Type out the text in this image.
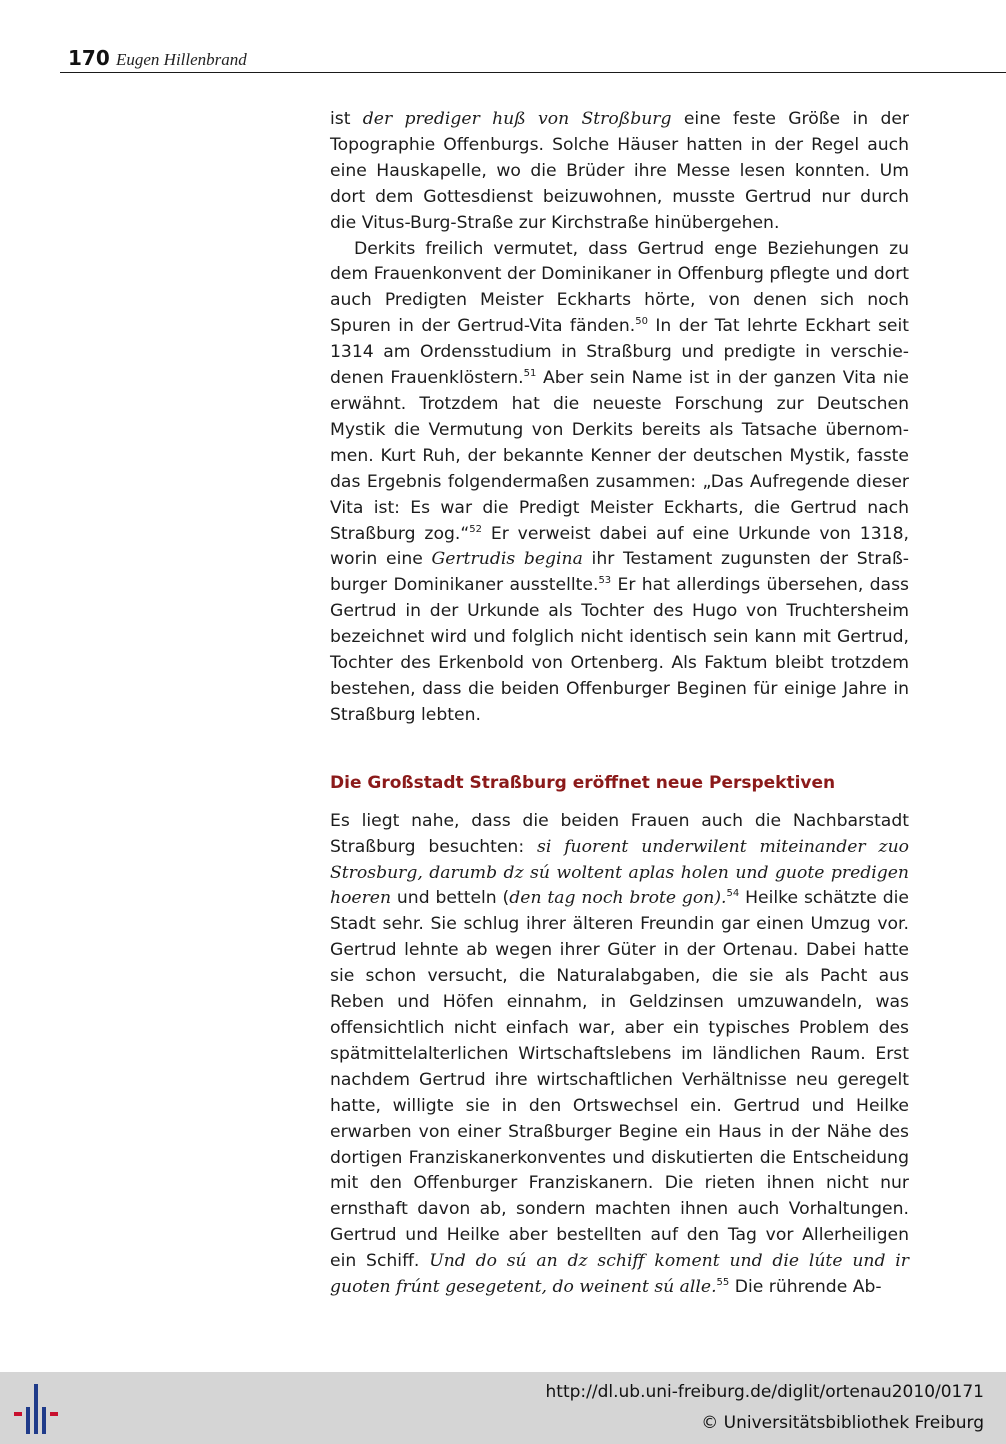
170 Eugen Hillenbrand

ist der prediger huß von Stroßburg eine feste Größe in der Topographie Offenburgs. Solche Häuser hatten in der Regel auch eine Hauskapelle, wo die Brüder ihre Messe lesen konnten. Um dort dem Gottesdienst beizuwohnen, musste Gertrud nur durch die Vitus-Burg-Straße zur Kirchstraße hinübergehen.

Derkits freilich vermutet, dass Gertrud enge Beziehungen zu dem Frauenkonvent der Dominikaner in Offenburg pflegte und dort auch Predigten Meister Eckharts hörte, von denen sich noch Spuren in der Gertrud-Vita fänden.$^{50}$ In der Tat lehrte Eckhart seit 1314 am Ordensstudium in Straßburg und predigte in verschiedenen Frauenklöstern.$^{51}$ Aber sein Name ist in der ganzen Vita nie erwähnt. Trotzdem hat die neueste Forschung zur Deutschen Mystik die Vermutung von Derkits bereits als Tatsache übernommen. Kurt Ruh, der bekannte Kenner der deutschen Mystik, fasste das Ergebnis folgendermaßen zusammen: „Das Aufregende dieser Vita ist: Es war die Predigt Meister Eckharts, die Gertrud nach Straßburg zog.“$^{52}$ Er verweist dabei auf eine Urkunde von 1318, worin eine Gertrudis begina ihr Testament zugunsten der Straßburger Dominikaner ausstellte.$^{53}$ Er hat allerdings übersehen, dass Gertrud in der Urkunde als Tochter des Hugo von Truchtersheim bezeichnet wird und folglich nicht identisch sein kann mit Gertrud, Tochter des Erkenbold von Ortenberg. Als Faktum bleibt trotzdem bestehen, dass die beiden Offenburger Beginen für einige Jahre in Straßburg lebten.

Die Großstadt Straßburg eröffnet neue Perspektiven

Es liegt nahe, dass die beiden Frauen auch die Nachbarstadt Straßburg besuchten: si fuorent underwilent miteinander zuo Strosburg, darumb dz sú woltent aplas holen und guote predigen hoeren und betteln (den tag noch brote gon).$^{54}$ Heilke schätzte die Stadt sehr. Sie schlug ihrer älteren Freundin gar einen Umzug vor. Gertrud lehnte ab wegen ihrer Güter in der Ortenau. Dabei hatte sie schon versucht, die Naturalabgaben, die sie als Pacht aus Reben und Höfen einnahm, in Geldzinsen umzuwandeln, was offensichtlich nicht einfach war, aber ein typisches Problem des spätmittelalterlichen Wirtschaftslebens im ländlichen Raum. Erst nachdem Gertrud ihre wirtschaftlichen Verhältnisse neu geregelt hatte, willigte sie in den Ortswechsel ein. Gertrud und Heilke erwarben von einer Straßburger Begine ein Haus in der Nähe des dortigen Franziskanerkonventes und diskutierten die Entscheidung mit den Offenburger Franziskanern. Die rieten ihnen nicht nur ernsthaft davon ab, sondern machten ihnen auch Vorhaltungen. Gertrud und Heilke aber bestellten auf den Tag vor Allerheiligen ein Schiff. Und do sú an dz schiff koment und die lúte und ir guoten frúnt gesegetent, do weinent sú alle.$^{55}$ Die rührende Ab-

http://dl.ub.uni-freiburg.de/diglit/ortenau2010/0171
© Universitätsbibliothek Freiburg
